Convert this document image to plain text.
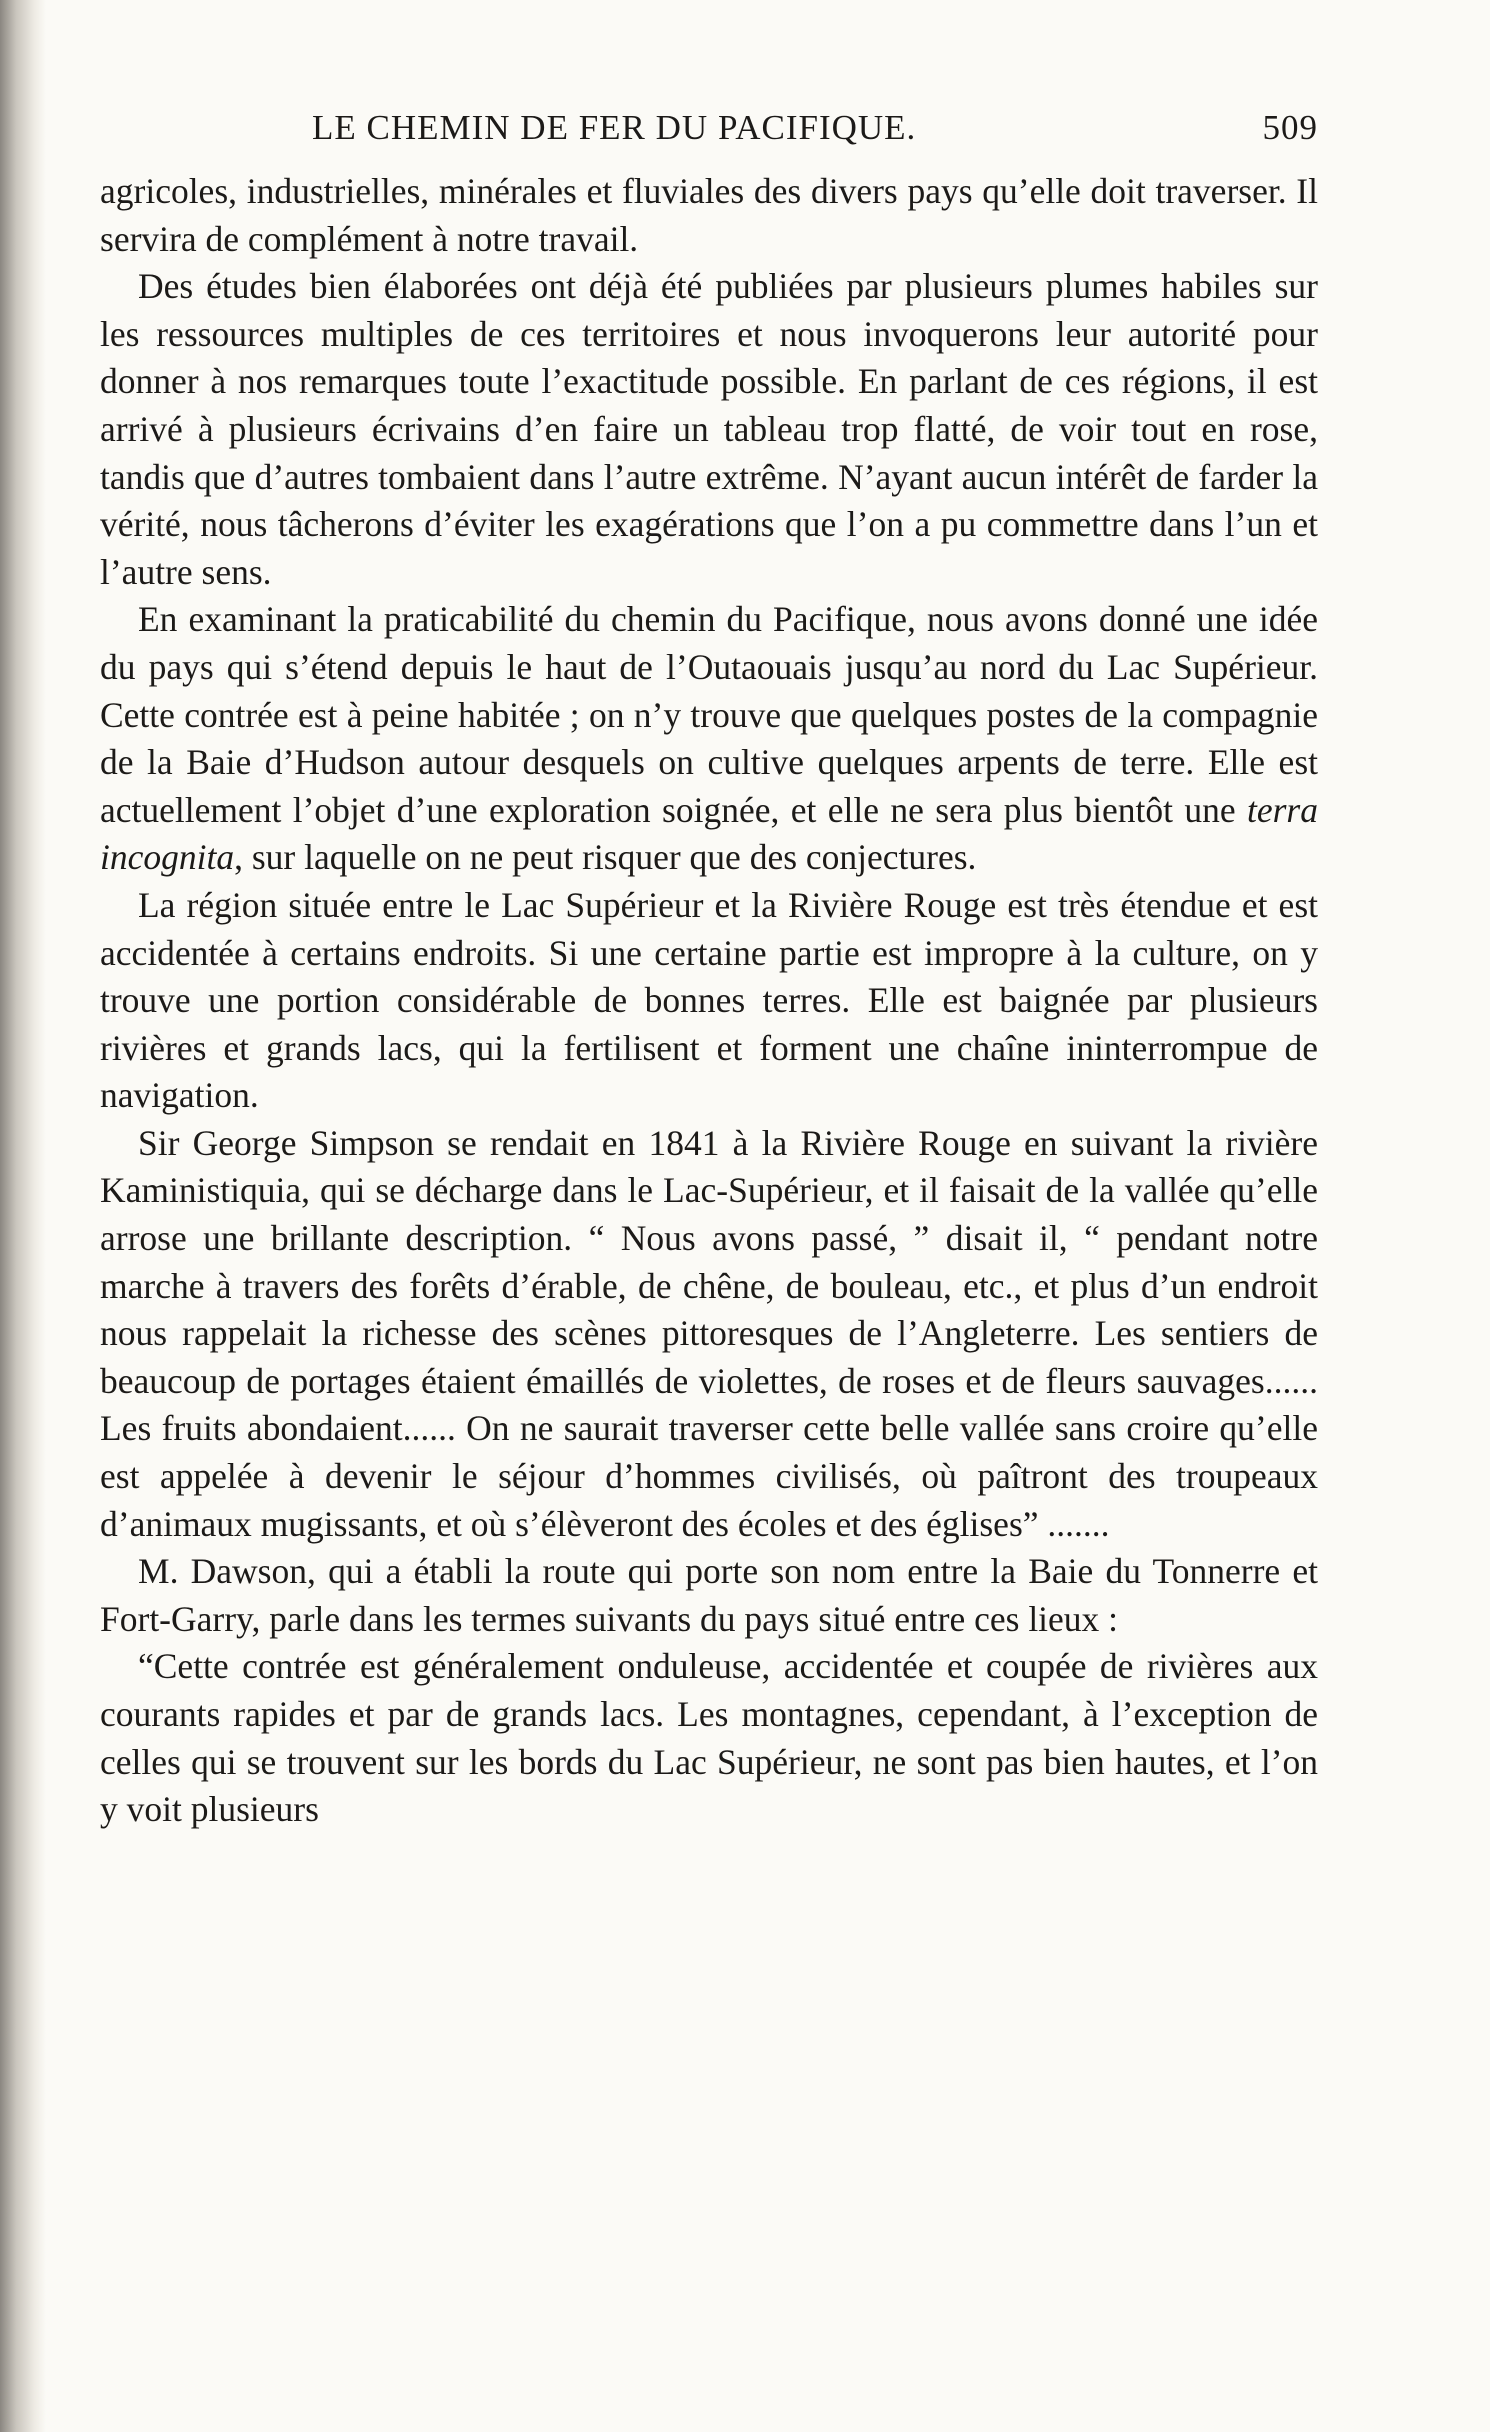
LE CHEMIN DE FER DU PACIFIQUE.	509

agricoles, industrielles, minérales et fluviales des divers pays qu’elle doit traverser. Il servira de complément à notre travail.

Des études bien élaborées ont déjà été publiées par plusieurs plumes habiles sur les ressources multiples de ces territoires et nous invoquerons leur autorité pour donner à nos remarques toute l’exactitude possible. En parlant de ces régions, il est arrivé à plusieurs écrivains d’en faire un tableau trop flatté, de voir tout en rose, tandis que d’autres tombaient dans l’autre extrême. N’ayant aucun intérêt de farder la vérité, nous tâcherons d’éviter les exagérations que l’on a pu commettre dans l’un et l’autre sens.

En examinant la praticabilité du chemin du Pacifique, nous avons donné une idée du pays qui s’étend depuis le haut de l’Outaouais jusqu’au nord du Lac Supérieur. Cette contrée est à peine habitée ; on n’y trouve que quelques postes de la compagnie de la Baie d’Hudson autour desquels on cultive quelques arpents de terre. Elle est actuellement l’objet d’une exploration soignée, et elle ne sera plus bientôt une terra incognita, sur laquelle on ne peut risquer que des conjectures.

La région située entre le Lac Supérieur et la Rivière Rouge est très étendue et est accidentée à certains endroits. Si une certaine partie est impropre à la culture, on y trouve une portion considérable de bonnes terres. Elle est baignée par plusieurs rivières et grands lacs, qui la fertilisent et forment une chaîne ininterrompue de navigation.

Sir George Simpson se rendait en 1841 à la Rivière Rouge en suivant la rivière Kaministiquia, qui se décharge dans le Lac-Supérieur, et il faisait de la vallée qu’elle arrose une brillante description. “ Nous avons passé, ” disait il, “ pendant notre marche à travers des forêts d’érable, de chêne, de bouleau, etc., et plus d’un endroit nous rappelait la richesse des scènes pittoresques de l’Angleterre. Les sentiers de beaucoup de portages étaient émaillés de violettes, de roses et de fleurs sauvages...... Les fruits abondaient...... On ne saurait traverser cette belle vallée sans croire qu’elle est appelée à devenir le séjour d’hommes civilisés, où paîtront des troupeaux d’animaux mugissants, et où s’élèveront des écoles et des églises” .......

M. Dawson, qui a établi la route qui porte son nom entre la Baie du Tonnerre et Fort-Garry, parle dans les termes suivants du pays situé entre ces lieux :

“Cette contrée est généralement onduleuse, accidentée et coupée de rivières aux courants rapides et par de grands lacs. Les montagnes, cependant, à l’exception de celles qui se trouvent sur les bords du Lac Supérieur, ne sont pas bien hautes, et l’on y voit plusieurs
